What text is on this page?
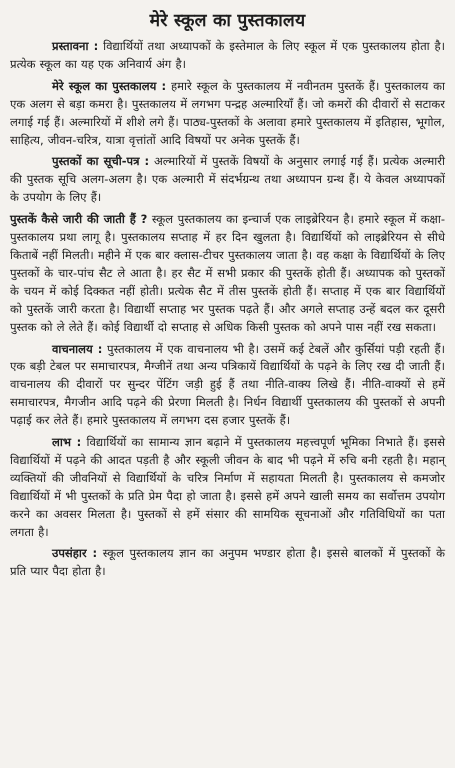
मेरे स्कूल का पुस्तकालय

प्रस्तावना : विद्यार्थियों तथा अध्यापकों के इस्तेमाल के लिए स्कूल में एक पुस्तकालय होता है। प्रत्येक स्कूल का यह एक अनिवार्य अंग है।

मेरे स्कूल का पुस्तकालय : हमारे स्कूल के पुस्तकालय में नवीनतम पुस्तकें हैं। पुस्तकालय का एक अलग से बड़ा कमरा है। पुस्तकालय में लगभग पन्द्रह अल्मारियाँ हैं। जो कमरों की दीवारों से सटाकर लगाई गई हैं। अल्मारियों में शीशे लगे हैं। पाठ्य-पुस्तकों के अलावा हमारे पुस्तकालय में इतिहास, भूगोल, साहित्य, जीवन-चरित्र, यात्रा वृत्तांतों आदि विषयों पर अनेक पुस्तकें हैं।

पुस्तकों का सूची-पत्र : अल्मारियों में पुस्तकें विषयों के अनुसार लगाई गई हैं। प्रत्येक अल्मारी की पुस्तक सूचि अलग-अलग है। एक अल्मारी में संदर्भग्रन्थ तथा अध्यापन ग्रन्थ हैं। ये केवल अध्यापकों के उपयोग के लिए हैं।

पुस्तकें कैसे जारी की जाती हैं ? स्कूल पुस्तकालय का इन्चार्ज एक लाइब्रेरियन है। हमारे स्कूल में कक्षा-पुस्तकालय प्रथा लागू है। पुस्तकालय सप्ताह में हर दिन खुलता है। विद्यार्थियों को लाइब्रेरियन से सीधे किताबें नहीं मिलती। महीने में एक बार क्लास-टीचर पुस्तकालय जाता है। वह कक्षा के विद्यार्थियों के लिए पुस्तकों के चार-पांच सैट ले आता है। हर सैट में सभी प्रकार की पुस्तकें होती हैं। अध्यापक को पुस्तकों के चयन में कोई दिक्कत नहीं होती। प्रत्येक सैट में तीस पुस्तकें होती हैं। सप्ताह में एक बार विद्यार्थियों को पुस्तकें जारी करता है। विद्यार्थी सप्ताह भर पुस्तक पढ़ते हैं। और अगले सप्ताह उन्हें बदल कर दूसरी पुस्तक को ले लेते हैं। कोई विद्यार्थी दो सप्ताह से अधिक किसी पुस्तक को अपने पास नहीं रख सकता।

वाचनालय : पुस्तकालय में एक वाचनालय भी है। उसमें कई टेबलें और कुर्सियां पड़ी रहती हैं। एक बड़ी टेबल पर समाचारपत्र, मैग्जीनें तथा अन्य पत्रिकायें विद्यार्थियों के पढ़ने के लिए रख दी जाती हैं। वाचनालय की दीवारों पर सुन्दर पेंटिंग जड़ी हुई हैं तथा नीति-वाक्य लिखे हैं। नीति-वाक्यों से हमें समाचारपत्र, मैगजीन आदि पढ़ने की प्रेरणा मिलती है। निर्धन विद्यार्थी पुस्तकालय की पुस्तकों से अपनी पढ़ाई कर लेते हैं। हमारे पुस्तकालय में लगभग दस हजार पुस्तकें हैं।

लाभ : विद्यार्थियों का सामान्य ज्ञान बढ़ाने में पुस्तकालय महत्त्वपूर्ण भूमिका निभाते हैं। इससे विद्यार्थियों में पढ़ने की आदत पड़ती है और स्कूली जीवन के बाद भी पढ़ने में रुचि बनी रहती है। महान् व्यक्तियों की जीवनियों से विद्यार्थियों के चरित्र निर्माण में सहायता मिलती है। पुस्तकालय से कमजोर विद्यार्थियों में भी पुस्तकों के प्रति प्रेम पैदा हो जाता है। इससे हमें अपने खाली समय का सर्वोत्तम उपयोग करने का अवसर मिलता है। पुस्तकों से हमें संसार की सामयिक सूचनाओं और गतिविधियों का पता लगता है।

उपसंहार : स्कूल पुस्तकालय ज्ञान का अनुपम भण्डार होता है। इससे बालकों में पुस्तकों के प्रति प्यार पैदा होता है।
